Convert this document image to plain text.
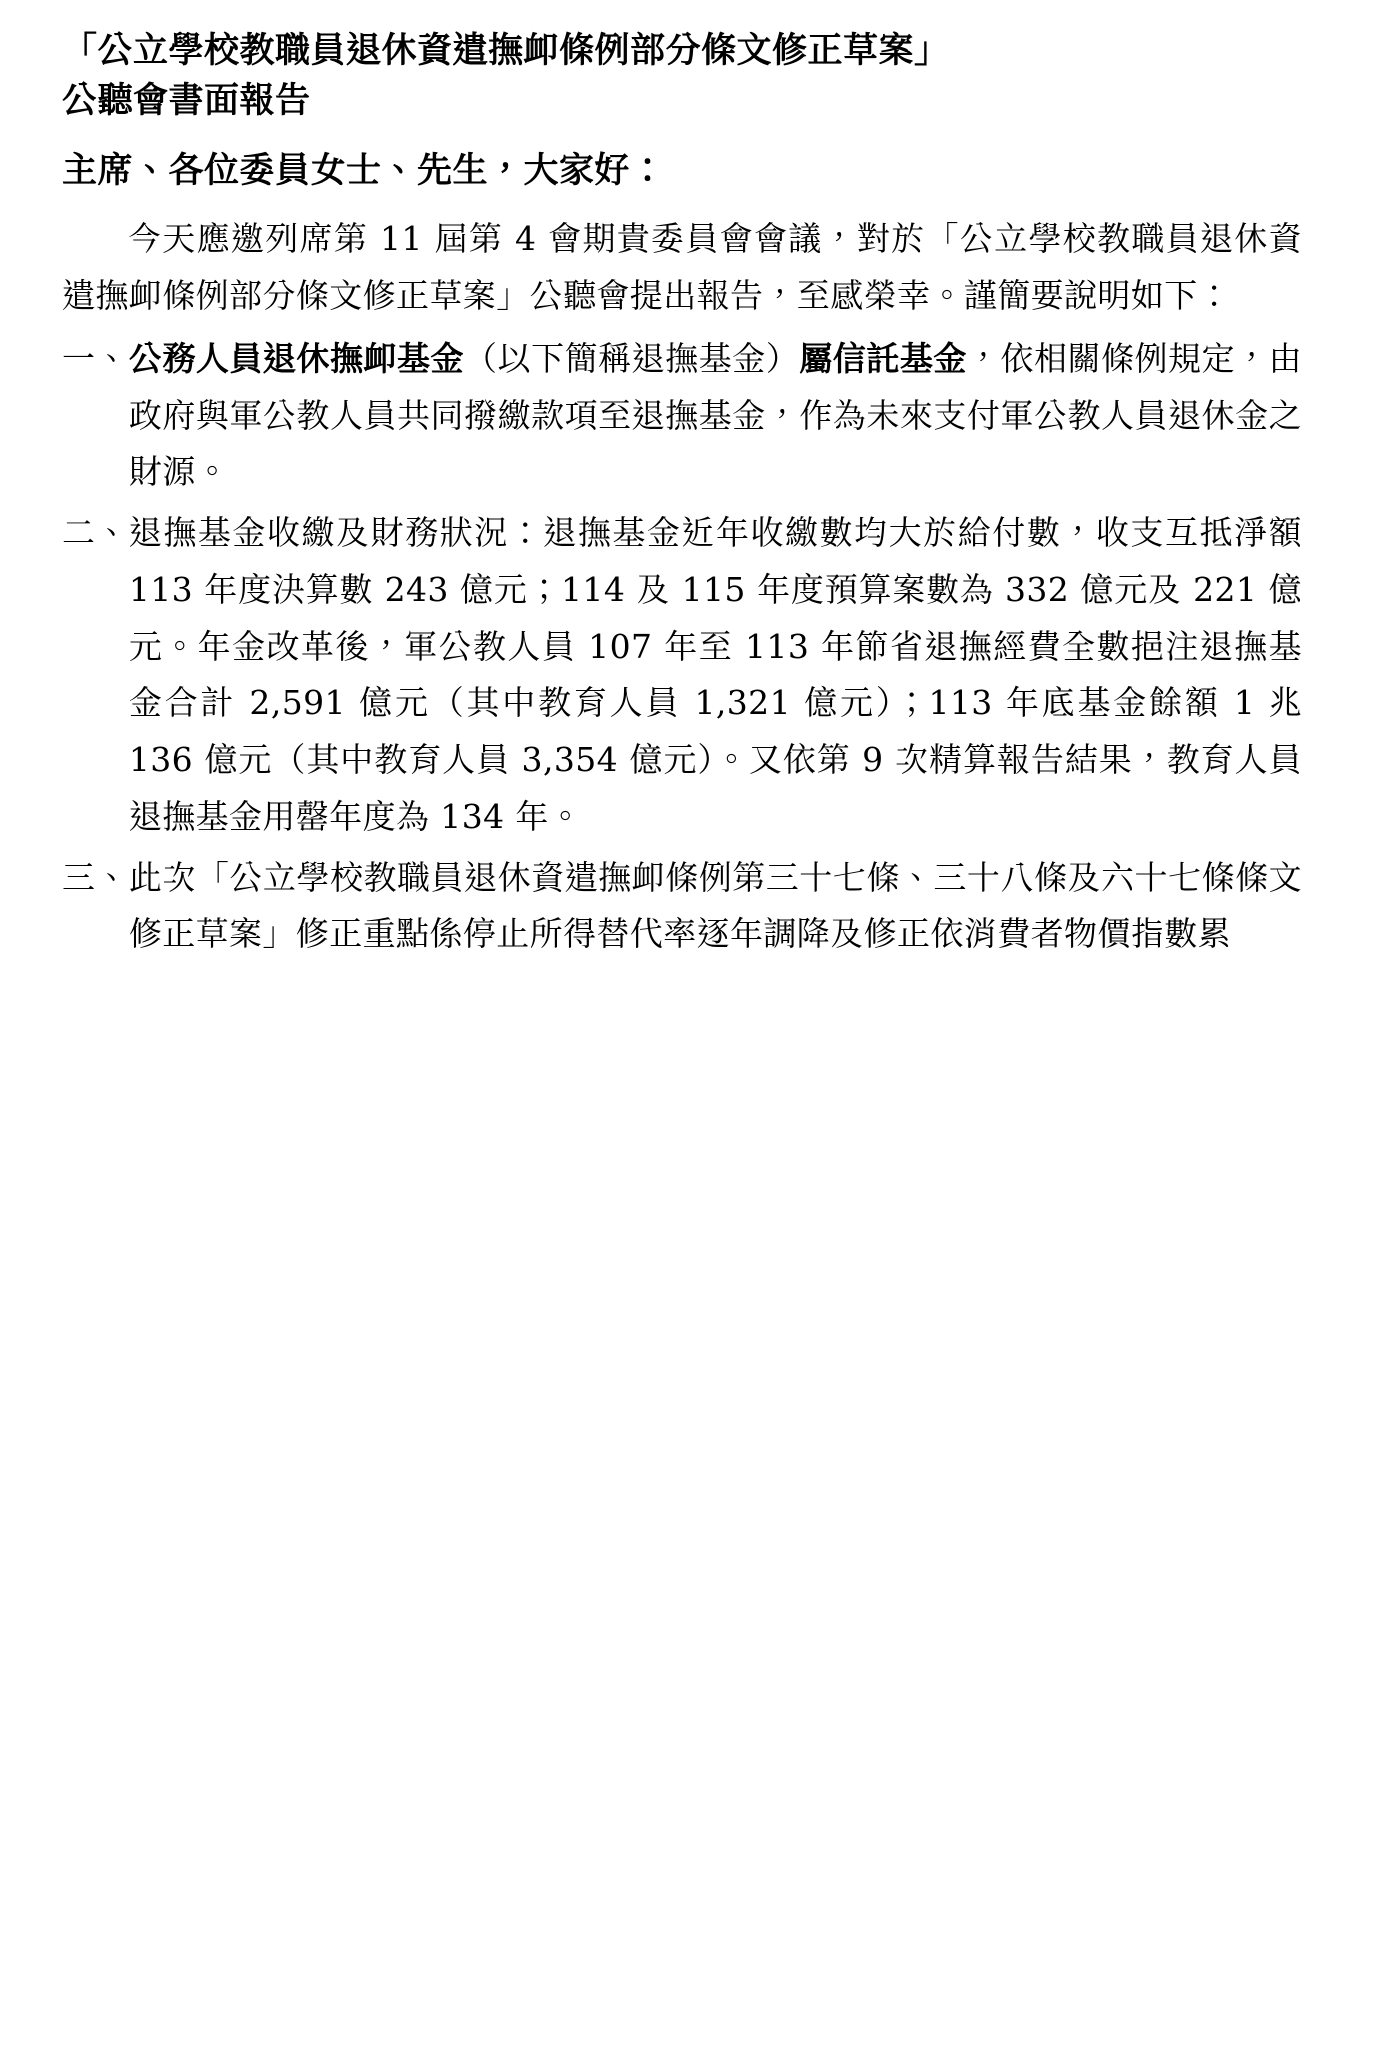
「公立學校教職員退休資遣撫卹條例部分條文修正草案」
公聽會書面報告

主席、各位委員女士、先生，大家好：

今天應邀列席第 11 屆第 4 會期貴委員會會議，對於「公立學校教職員退休資遣撫卹條例部分條文修正草案」公聽會提出報告，至感榮幸。謹簡要說明如下：

一、 公務人員退休撫卹基金（以下簡稱退撫基金）屬信託基金，依相關條例規定，由政府與軍公教人員共同撥繳款項至退撫基金，作為未來支付軍公教人員退休金之財源。
二、 退撫基金收繳及財務狀況：退撫基金近年收繳數均大於給付數，收支互抵淨額 113 年度決算數 243 億元；114 及 115 年度預算案數為 332 億元及 221 億元。年金改革後，軍公教人員 107 年至 113 年節省退撫經費全數挹注退撫基金合計 2,591 億元（其中教育人員 1,321 億元）；113 年底基金餘額 1 兆 136 億元（其中教育人員 3,354 億元）。又依第 9 次精算報告結果，教育人員退撫基金用罄年度為 134 年。
三、 此次「公立學校教職員退休資遣撫卹條例第三十七條、三十八條及六十七條條文修正草案」修正重點係停止所得替代率逐年調降及修正依消費者物價指數累
